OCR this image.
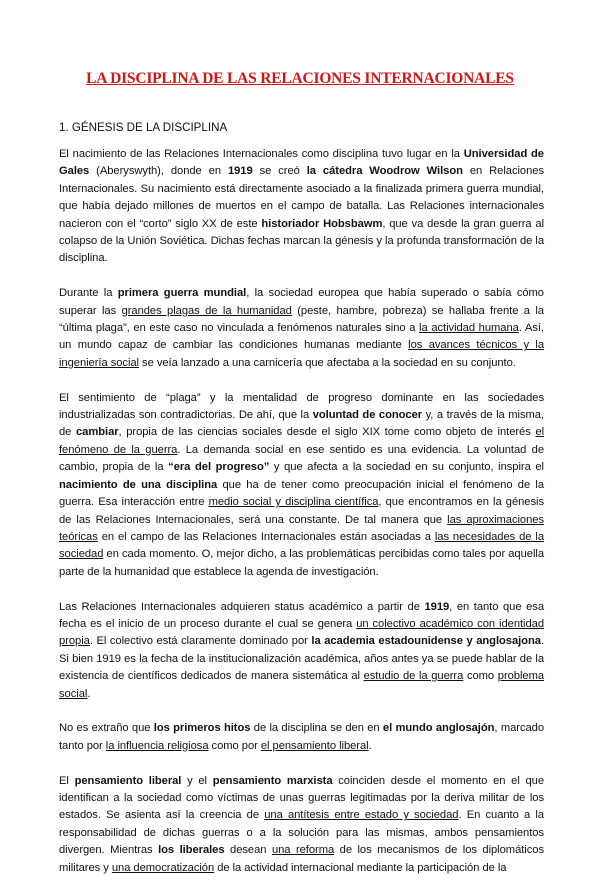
LA DISCIPLINA DE LAS RELACIONES INTERNACIONALES
1. GÉNESIS DE LA DISCIPLINA

El nacimiento de las Relaciones Internacionales como disciplina tuvo lugar en la Universidad de Gales (Aberyswyth), donde en 1919 se creó la cátedra Woodrow Wilson en Relaciones Internacionales. Su nacimiento está directamente asociado a la finalizada primera guerra mundial, que había dejado millones de muertos en el campo de batalla. Las Relaciones internacionales nacieron con el “corto” siglo XX de este historiador Hobsbawm, que va desde la gran guerra al colapso de la Unión Soviética. Dichas fechas marcan la génesis y la profunda transformación de la disciplina.

Durante la primera guerra mundial, la sociedad europea que había superado o sabía cómo superar las grandes plagas de la humanidad (peste, hambre, pobreza) se hallaba frente a la “última plaga”, en este caso no vinculada a fenómenos naturales sino a la actividad humana. Así, un mundo capaz de cambiar las condiciones humanas mediante los avances técnicos y la ingeniería social se veía lanzado a una carnicería que afectaba a la sociedad en su conjunto.

El sentimiento de “plaga” y la mentalidad de progreso dominante en las sociedades industrializadas son contradictorias. De ahí, que la voluntad de conocer y, a través de la misma, de cambiar, propia de las ciencias sociales desde el siglo XIX tome como objeto de interés el fenómeno de la guerra. La demanda social en ese sentido es una evidencia. La voluntad de cambio, propia de la “era del progreso” y que afecta a la sociedad en su conjunto, inspira el nacimiento de una disciplina que ha de tener como preocupación inicial el fenómeno de la guerra. Esa interacción entre medio social y disciplina científica, que encontramos en la génesis de las Relaciones Internacionales, será una constante. De tal manera que las aproximaciones teóricas en el campo de las Relaciones Internacionales están asociadas a las necesidades de la sociedad en cada momento. O, mejor dicho, a las problemáticas percibidas como tales por aquella parte de la humanidad que establece la agenda de investigación.

Las Relaciones Internacionales adquieren status académico a partir de 1919, en tanto que esa fecha es el inicio de un proceso durante el cual se genera un colectivo académico con identidad propia. El colectivo está claramente dominado por la academia estadounidense y anglosajona. Si bien 1919 es la fecha de la institucionalización académica, años antes ya se puede hablar de la existencia de científicos dedicados de manera sistemática al estudio de la guerra como problema social.

No es extraño que los primeros hitos de la disciplina se den en el mundo anglosajón, marcado tanto por la influencia religiosa como por el pensamiento liberal.

El pensamiento liberal y el pensamiento marxista coinciden desde el momento en el que identifican a la sociedad como víctimas de unas guerras legitimadas por la deriva militar de los estados. Se asienta así la creencia de una antítesis entre estado y sociedad. En cuanto a la responsabilidad de dichas guerras o a la solución para las mismas, ambos pensamientos divergen. Mientras los liberales desean una reforma de los mecanismos de los diplomáticos militares y una democratización de la actividad internacional mediante la participación de la
